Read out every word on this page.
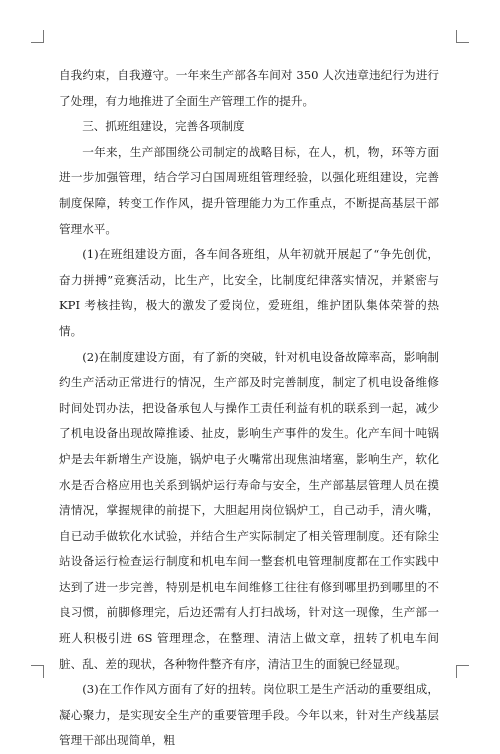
自我约束，自我遵守。一年来生产部各车间对 350 人次违章违纪行为进行了处理，有力地推进了全面生产管理工作的提升。

三、抓班组建设，完善各项制度

一年来，生产部围绕公司制定的战略目标，在人，机，物，环等方面进一步加强管理，结合学习白国周班组管理经验，以强化班组建设，完善制度保障，转变工作作风，提升管理能力为工作重点，不断提高基层干部管理水平。

(1)在班组建设方面，各车间各班组，从年初就开展起了“争先创优，奋力拼搏”竞赛活动，比生产，比安全，比制度纪律落实情况，并紧密与 KPI 考核挂钩，极大的激发了爱岗位，爱班组，维护团队集体荣誉的热情。

(2)在制度建设方面，有了新的突破，针对机电设备故障率高，影响制约生产活动正常进行的情况，生产部及时完善制度，制定了机电设备维修时间处罚办法，把设备承包人与操作工责任利益有机的联系到一起，减少了机电设备出现故障推诿、扯皮，影响生产事件的发生。化产车间十吨锅炉是去年新增生产设施，锅炉电子火嘴常出现焦油堵塞，影响生产，软化水是否合格应用也关系到锅炉运行寿命与安全，生产部基层管理人员在摸清情况，掌握规律的前提下，大胆起用岗位锅炉工，自己动手，清火嘴，自已动手做软化水试验，并结合生产实际制定了相关管理制度。还有除尘站设备运行检查运行制度和机电车间一整套机电管理制度都在工作实践中达到了进一步完善，特别是机电车间维修工往往有修到哪里扔到哪里的不良习惯，前脚修理完，后边还需有人打扫战场，针对这一现像，生产部一班人积极引进 6S 管理理念，在整理、清洁上做文章，扭转了机电车间脏、乱、差的现状，各种物件整齐有序，清洁卫生的面貌已经显现。

(3)在工作作风方面有了好的扭转。岗位职工是生产活动的重要组成，凝心聚力，是实现安全生产的重要管理手段。今年以来，针对生产线基层管理干部出现简单，粗
